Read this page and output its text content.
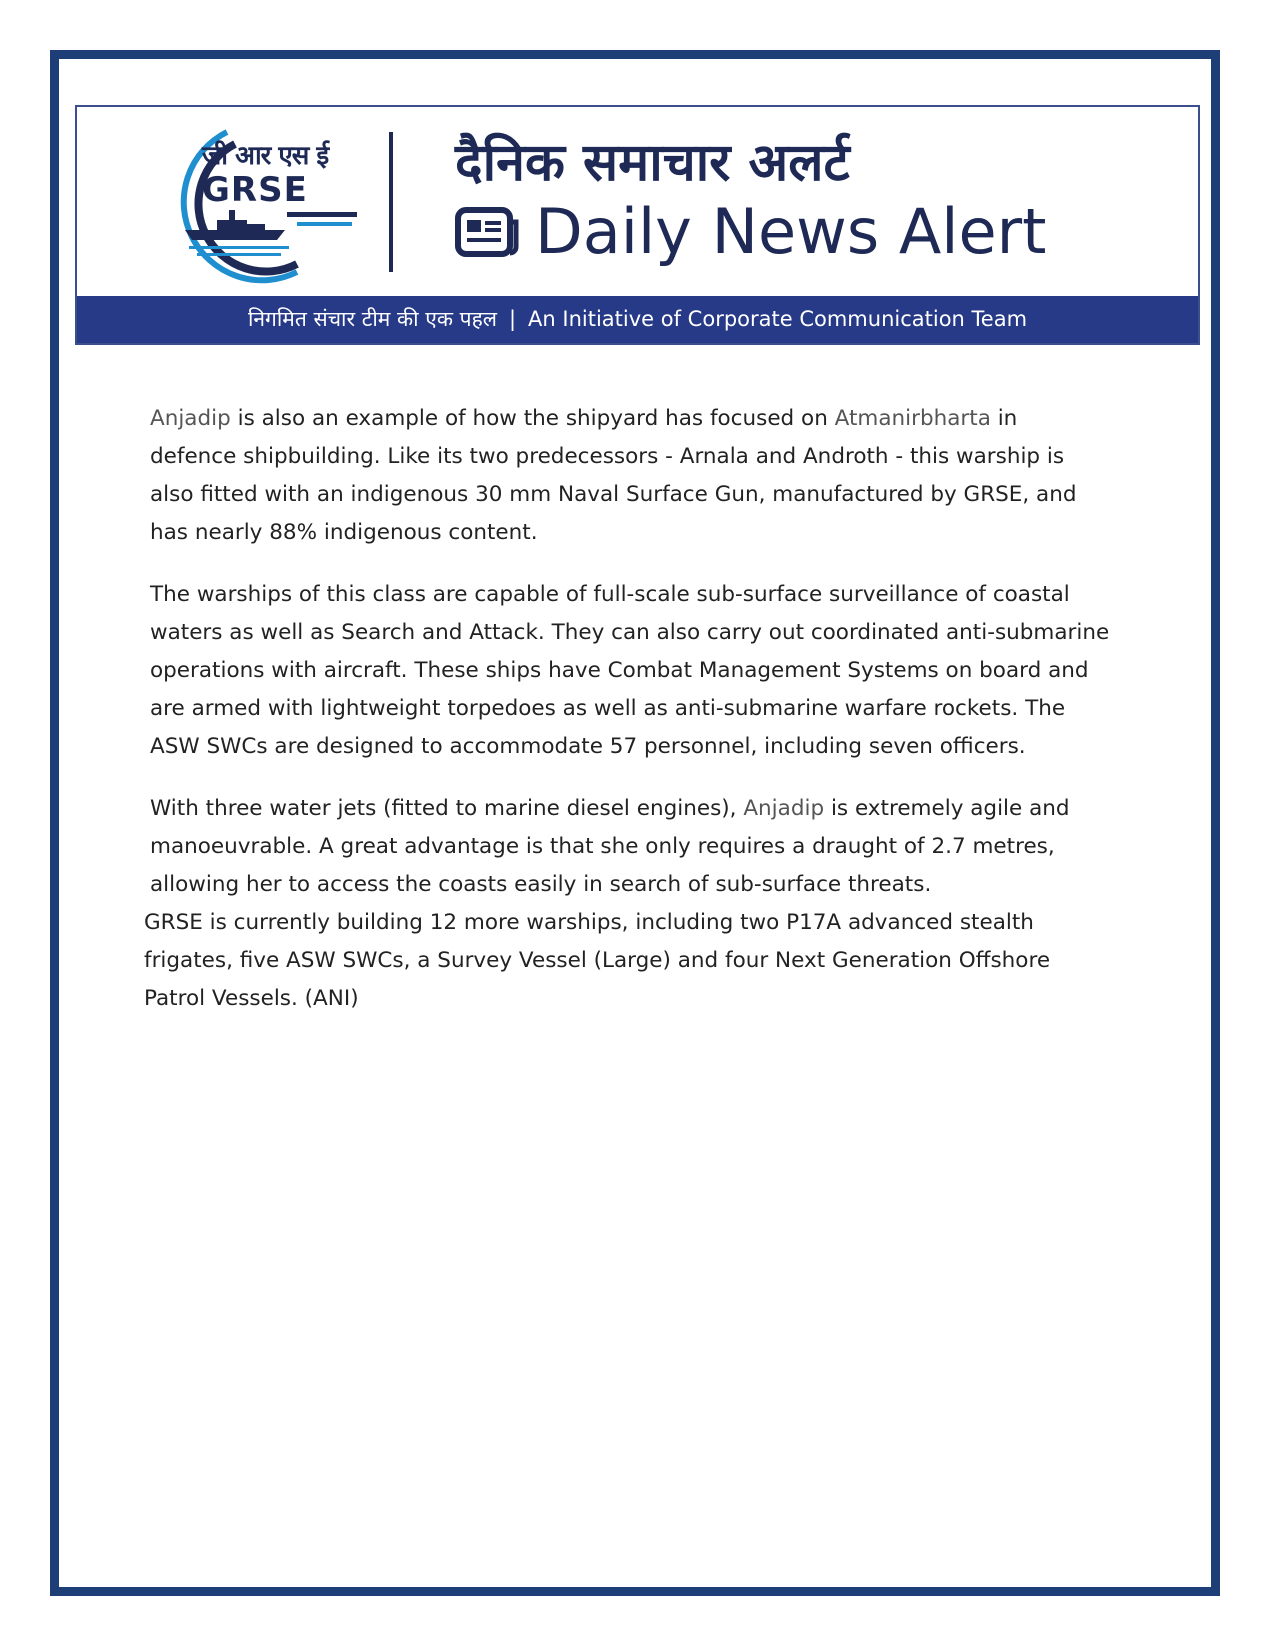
जी आर एस ई
GRSE	दैनिक समाचार अलर्ट
Daily News Alert
निगमित संचार टीम की एक पहल | An Initiative of Corporate Communication Team

Anjadip is also an example of how the shipyard has focused on Atmanirbharta in defence shipbuilding. Like its two predecessors - Arnala and Androth - this warship is also fitted with an indigenous 30 mm Naval Surface Gun, manufactured by GRSE, and has nearly 88% indigenous content.

The warships of this class are capable of full-scale sub-surface surveillance of coastal waters as well as Search and Attack. They can also carry out coordinated anti-submarine operations with aircraft. These ships have Combat Management Systems on board and are armed with lightweight torpedoes as well as anti-submarine warfare rockets. The ASW SWCs are designed to accommodate 57 personnel, including seven officers.

With three water jets (fitted to marine diesel engines), Anjadip is extremely agile and manoeuvrable. A great advantage is that she only requires a draught of 2.7 metres, allowing her to access the coasts easily in search of sub-surface threats.

GRSE is currently building 12 more warships, including two P17A advanced stealth frigates, five ASW SWCs, a Survey Vessel (Large) and four Next Generation Offshore Patrol Vessels. (ANI)
